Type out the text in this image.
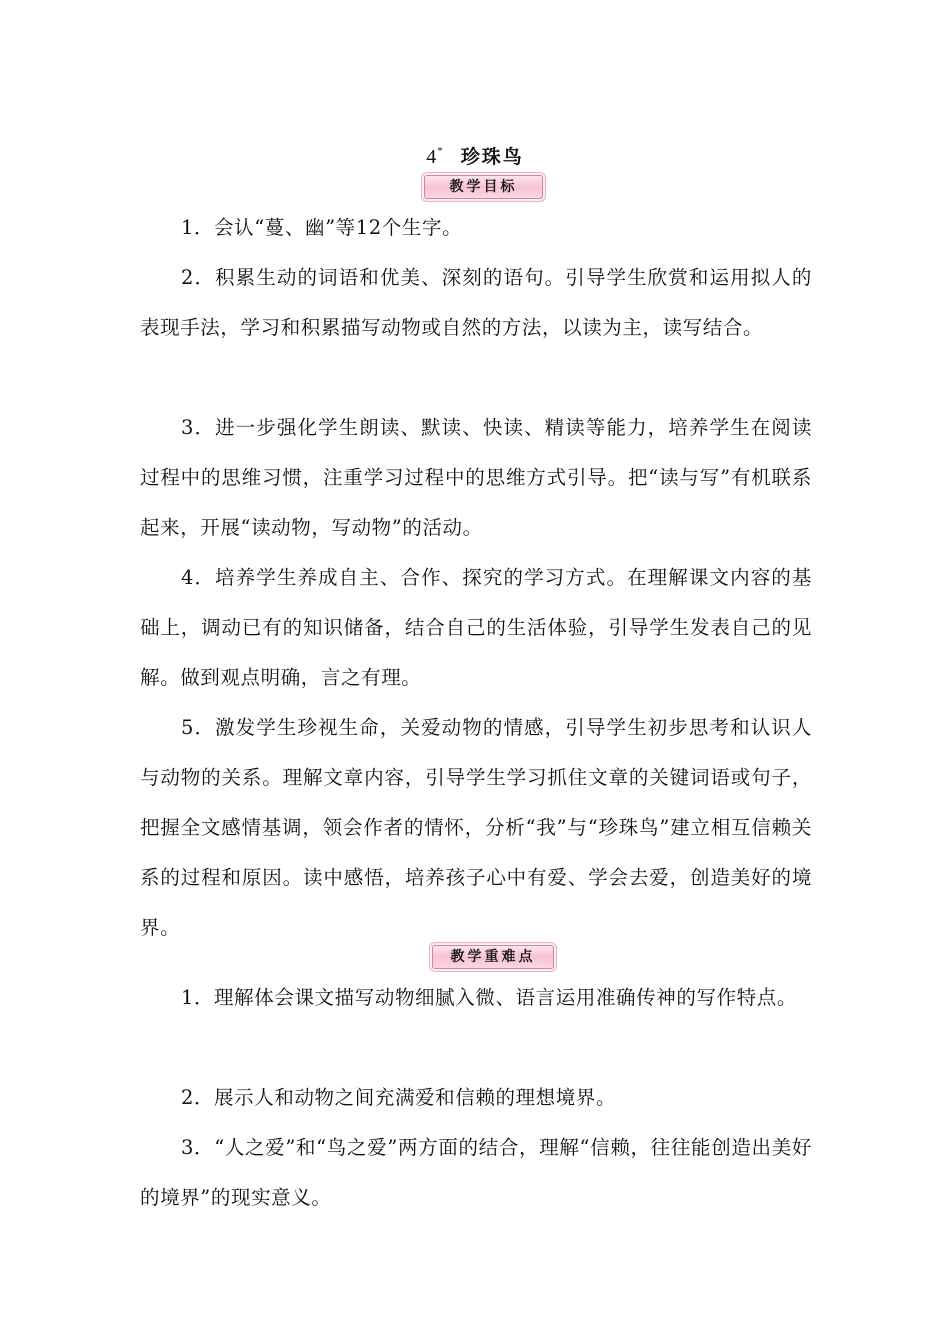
4* 珍珠鸟
教学目标

1．会认“蔓、幽”等12个生字。

2．积累生动的词语和优美、深刻的语句。引导学生欣赏和运用拟人的表现手法，学习和积累描写动物或自然的方法，以读为主，读写结合。

3．进一步强化学生朗读、默读、快读、精读等能力，培养学生在阅读过程中的思维习惯，注重学习过程中的思维方式引导。把“读与写”有机联系起来，开展“读动物，写动物”的活动。

4．培养学生养成自主、合作、探究的学习方式。在理解课文内容的基础上，调动已有的知识储备，结合自己的生活体验，引导学生发表自己的见解。做到观点明确，言之有理。

5．激发学生珍视生命，关爱动物的情感，引导学生初步思考和认识人与动物的关系。理解文章内容，引导学生学习抓住文章的关键词语或句子，把握全文感情基调，领会作者的情怀，分析“我”与“珍珠鸟”建立相互信赖关系的过程和原因。读中感悟，培养孩子心中有爱、学会去爱，创造美好的境界。

教学重难点

1．理解体会课文描写动物细腻入微、语言运用准确传神的写作特点。

2．展示人和动物之间充满爱和信赖的理想境界。

3．“人之爱”和“鸟之爱”两方面的结合，理解“信赖，往往能创造出美好的境界”的现实意义。
